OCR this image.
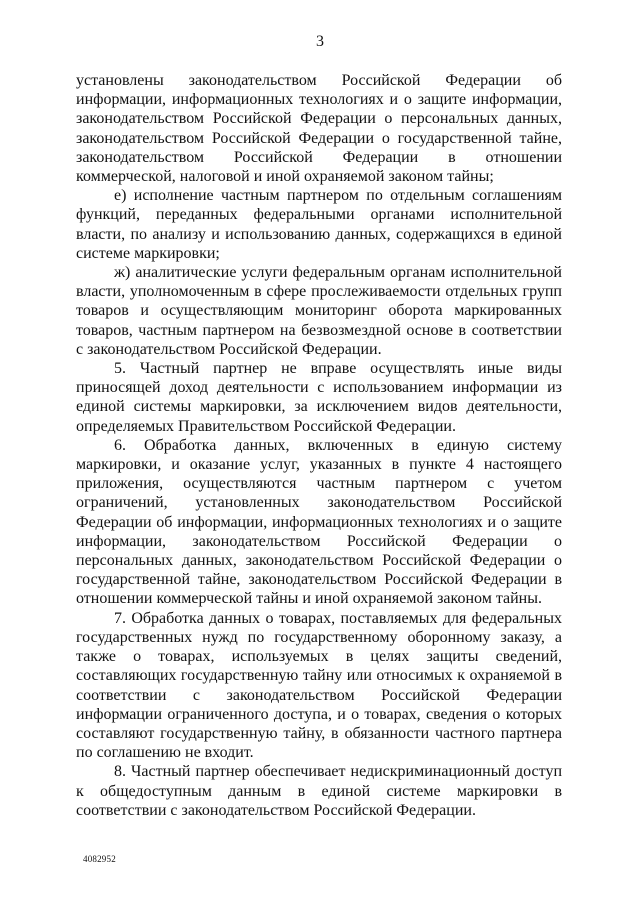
3

установлены законодательством Российской Федерации об информации, информационных технологиях и о защите информации, законодательством Российской Федерации о персональных данных, законодательством Российской Федерации о государственной тайне, законодательством Российской Федерации в отношении коммерческой, налоговой и иной охраняемой законом тайны;

е) исполнение частным партнером по отдельным соглашениям функций, переданных федеральными органами исполнительной власти, по анализу и использованию данных, содержащихся в единой системе маркировки;

ж) аналитические услуги федеральным органам исполнительной власти, уполномоченным в сфере прослеживаемости отдельных групп товаров и осуществляющим мониторинг оборота маркированных товаров, частным партнером на безвозмездной основе в соответствии с законодательством Российской Федерации.

5. Частный партнер не вправе осуществлять иные виды приносящей доход деятельности с использованием информации из единой системы маркировки, за исключением видов деятельности, определяемых Правительством Российской Федерации.

6. Обработка данных, включенных в единую систему маркировки, и оказание услуг, указанных в пункте 4 настоящего приложения, осуществляются частным партнером с учетом ограничений, установленных законодательством Российской Федерации об информации, информационных технологиях и о защите информации, законодательством Российской Федерации о персональных данных, законодательством Российской Федерации о государственной тайне, законодательством Российской Федерации в отношении коммерческой тайны и иной охраняемой законом тайны.

7. Обработка данных о товарах, поставляемых для федеральных государственных нужд по государственному оборонному заказу, а также о товарах, используемых в целях защиты сведений, составляющих государственную тайну или относимых к охраняемой в соответствии с законодательством Российской Федерации информации ограниченного доступа, и о товарах, сведения о которых составляют государственную тайну, в обязанности частного партнера по соглашению не входит.

8. Частный партнер обеспечивает недискриминационный доступ к общедоступным данным в единой системе маркировки в соответствии с законодательством Российской Федерации.

4082952
